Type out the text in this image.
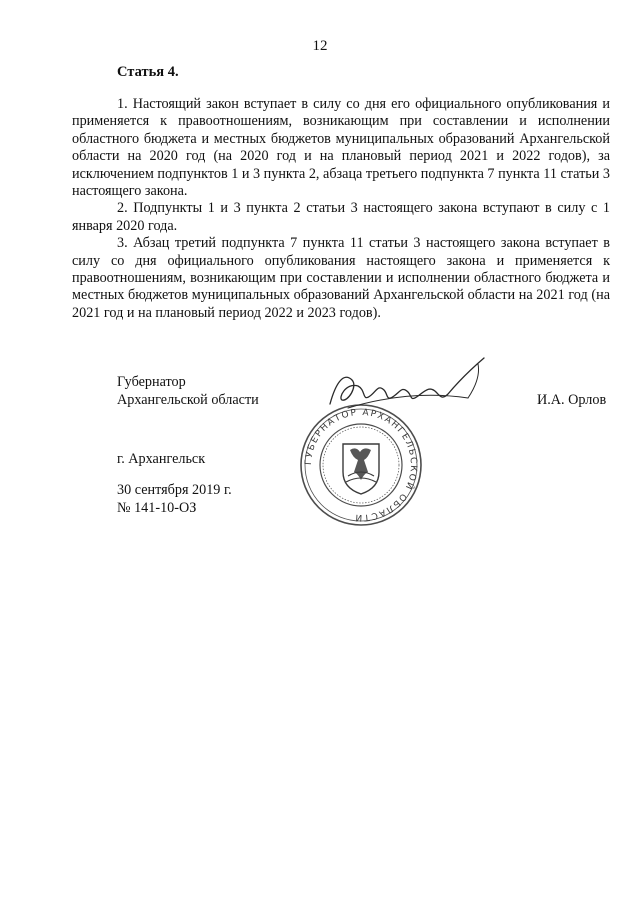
12
Статья 4.

1. Настоящий закон вступает в силу со дня его официального опубликования и применяется к правоотношениям, возникающим при составлении и исполнении областного бюджета и местных бюджетов муниципальных образований Архангельской области на 2020 год (на 2020 год и на плановый период 2021 и 2022 годов), за исключением подпунктов 1 и 3 пункта 2, абзаца третьего подпункта 7 пункта 11 статьи 3 настоящего закона.

2. Подпункты 1 и 3 пункта 2 статьи 3 настоящего закона вступают в силу с 1 января 2020 года.

3. Абзац третий подпункта 7 пункта 11 статьи 3 настоящего закона вступает в силу со дня официального опубликования настоящего закона и применяется к правоотношениям, возникающим при составлении и исполнении областного бюджета и местных бюджетов муниципальных образований Архангельской области на 2021 год (на 2021 год и на плановый период 2022 и 2023 годов).

Губернатор
Архангельской области	И.А. Орлов
ГУБЕРНАТОР АРХАНГЕЛЬСКОЙ ОБЛАСТИ
г. Архангельск
30 сентября 2019 г.
№ 141-10-ОЗ
